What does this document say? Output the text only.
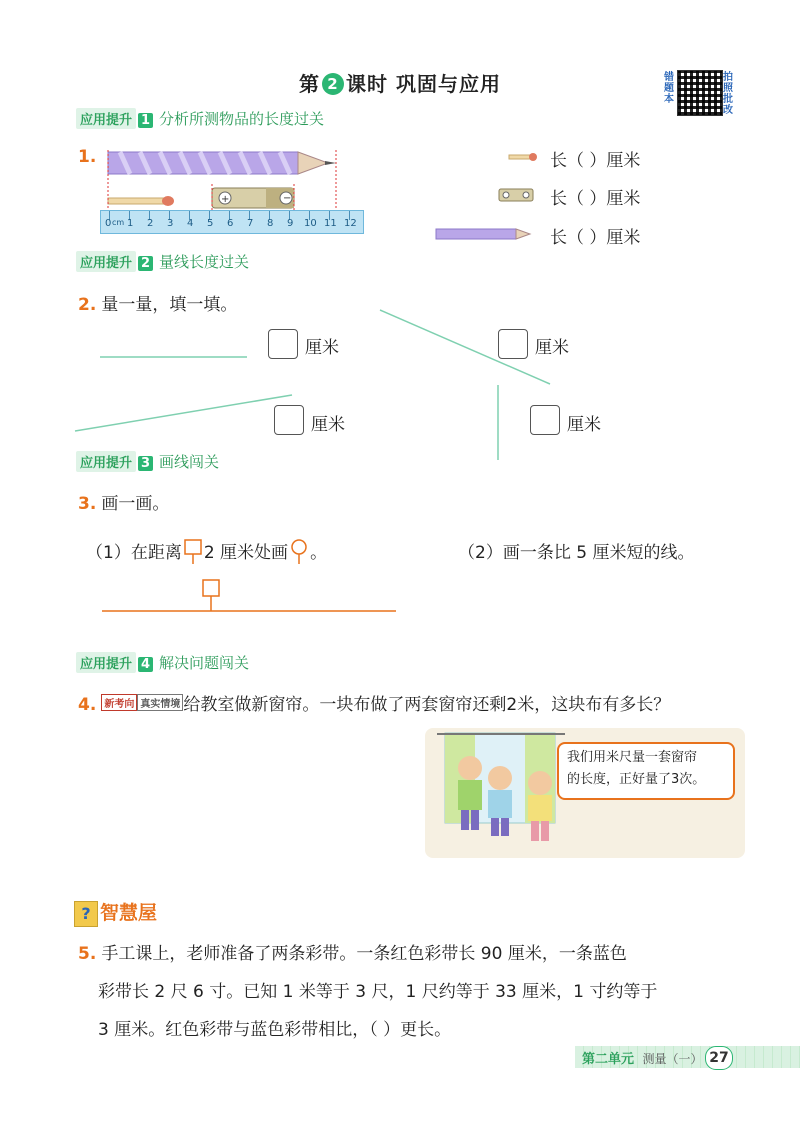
第 2 课时 巩固与应用	错题本
拍照批改
应用提升 1 分析所测物品的长度过关
1.
+	−
0 cm 1 2 3 4 5 6 7 8 9 10 11 12
长（ ）厘米
长（ ）厘米
长（ ）厘米
应用提升 2 量线长度过关
2. 量一量，填一填。
厘米	厘米
厘米	厘米
应用提升 3 画线闯关
3. 画一画。
（1）在距离 2 厘米处画 。	（2）画一条比 5 厘米短的线。
应用提升 4 解决问题闯关
4. 新考向 真实情境 给教室做新窗帘。一块布做了两套窗帘还剩2米，这块布有多长？
我们用米尺量一套窗帘
的长度，正好量了3次。
? 智慧屋
5. 手工课上，老师准备了两条彩带。一条红色彩带长 90 厘米，一条蓝色
彩带长 2 尺 6 寸。已知 1 米等于 3 尺，1 尺约等于 33 厘米，1 寸约等于
3 厘米。红色彩带与蓝色彩带相比，（ ）更长。
第二单元 测量（一） 27
